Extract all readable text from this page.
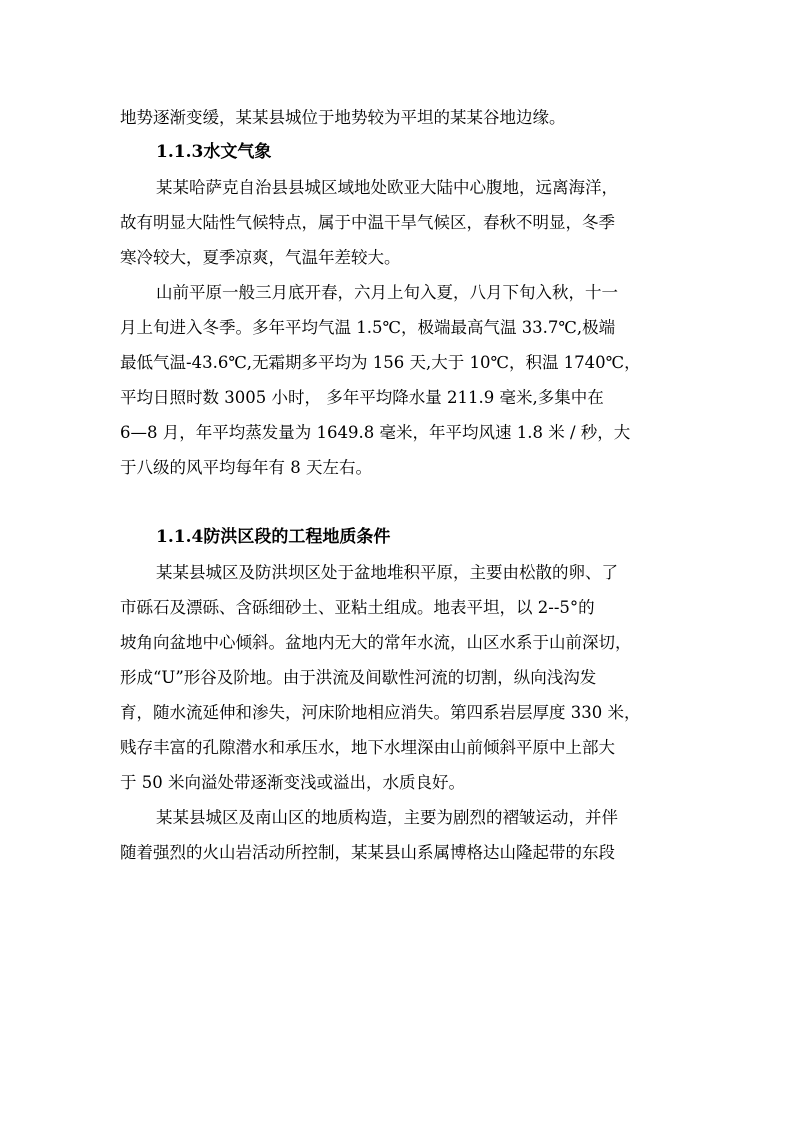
地势逐渐变缓，某某县城位于地势较为平坦的某某谷地边缘。
1.1.3水文气象
某某哈萨克自治县县城区域地处欧亚大陆中心腹地，远离海洋，
故有明显大陆性气候特点，属于中温干旱气候区，春秋不明显，冬季
寒冷较大，夏季凉爽，气温年差较大。
山前平原一般三月底开春，六月上旬入夏，八月下旬入秋，十一
月上旬进入冬季。多年平均气温 1.5℃，极端最高气温 33.7℃,极端
最低气温-43.6℃,无霜期多平均为 156 天,大于 10℃，积温 1740℃，
平均日照时数 3005 小时， 多年平均降水量 211.9 毫米,多集中在
6—8 月，年平均蒸发量为 1649.8 毫米，年平均风速 1.8 米 / 秒，大
于八级的风平均每年有 8 天左右。
1.1.4防洪区段的工程地质条件
某某县城区及防洪坝区处于盆地堆积平原，主要由松散的卵、了
市砾石及漂砾、含砾细砂土、亚粘土组成。地表平坦，以 2--5°的
坡角向盆地中心倾斜。盆地内无大的常年水流，山区水系于山前深切，
形成“U”形谷及阶地。由于洪流及间歇性河流的切割，纵向浅沟发
育，随水流延伸和渗失，河床阶地相应消失。第四系岩层厚度 330 米，
贱存丰富的孔隙潜水和承压水，地下水埋深由山前倾斜平原中上部大
于 50 米向溢处带逐渐变浅或溢出，水质良好。
某某县城区及南山区的地质构造，主要为剧烈的褶皱运动，并伴
随着强烈的火山岩活动所控制，某某县山系属博格达山隆起带的东段
